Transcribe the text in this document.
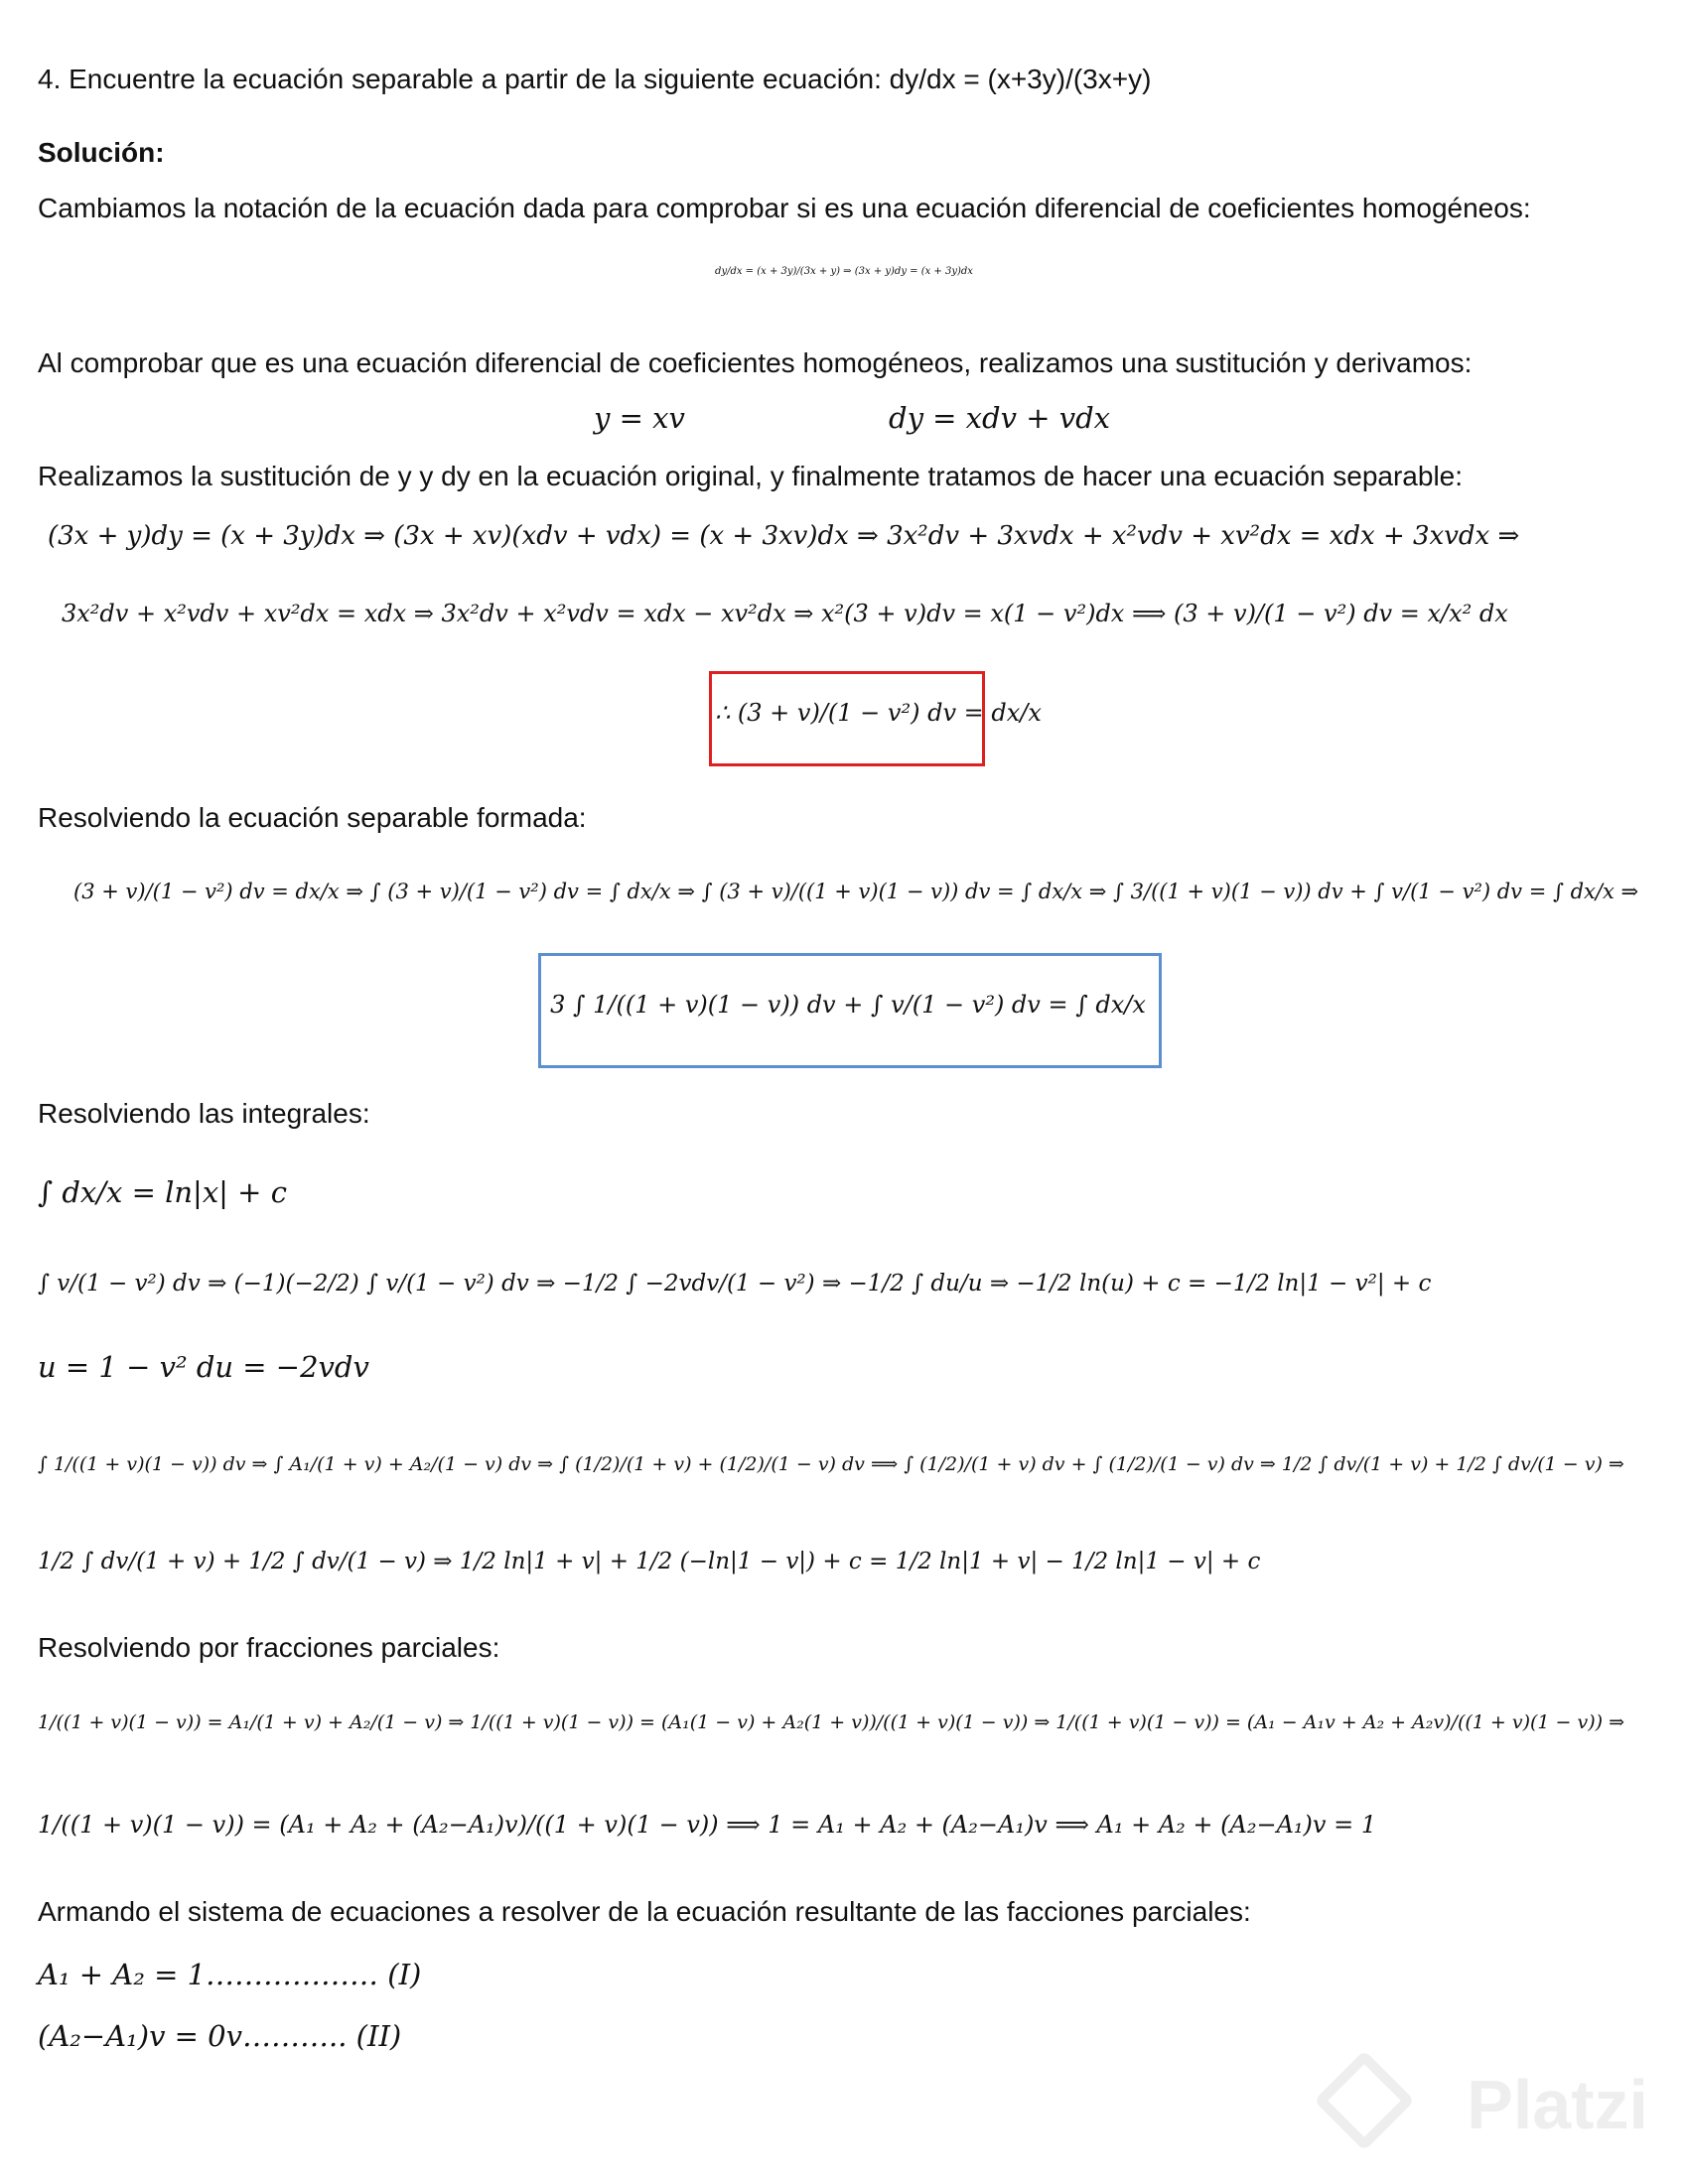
4. Encuentre la ecuación separable a partir de la siguiente ecuación: dy/dx = (x+3y)/(3x+y)
Solución:
Cambiamos la notación de la ecuación dada para comprobar si es una ecuación diferencial de coeficientes homogéneos:
dy/dx = (x + 3y)/(3x + y) ⇒ (3x + y)dy = (x + 3y)dx
Al comprobar que es una ecuación diferencial de coeficientes homogéneos, realizamos una sustitución y derivamos:
y = xv	dy = xdv + vdx
Realizamos la sustitución de y y dy en la ecuación original, y finalmente tratamos de hacer una ecuación separable:
(3x + y)dy = (x + 3y)dx ⇒ (3x + xv)(xdv + vdx) = (x + 3xv)dx ⇒ 3x²dv + 3xvdx + x²vdv + xv²dx = xdx + 3xvdx ⇒
3x²dv + x²vdv + xv²dx = xdx ⇒ 3x²dv + x²vdv = xdx − xv²dx ⇒ x²(3 + v)dv = x(1 − v²)dx ⟹ (3 + v)/(1 − v²) dv = x/x² dx
∴ (3 + v)/(1 − v²) dv = dx/x
Resolviendo la ecuación separable formada:
(3 + v)/(1 − v²) dv = dx/x ⇒ ∫ (3 + v)/(1 − v²) dv = ∫ dx/x ⇒ ∫ (3 + v)/((1 + v)(1 − v)) dv = ∫ dx/x ⇒ ∫ 3/((1 + v)(1 − v)) dv + ∫ v/(1 − v²) dv = ∫ dx/x ⇒
3 ∫ 1/((1 + v)(1 − v)) dv + ∫ v/(1 − v²) dv = ∫ dx/x
Resolviendo las integrales:
∫ dx/x = ln|x| + c
∫ v/(1 − v²) dv ⇒ (−1)(−2/2) ∫ v/(1 − v²) dv ⇒ −1/2 ∫ −2vdv/(1 − v²) ⇒ −1/2 ∫ du/u ⇒ −1/2 ln(u) + c = −1/2 ln|1 − v²| + c
u = 1 − v² du = −2vdv
∫ 1/((1 + v)(1 − v)) dv ⇒ ∫ A₁/(1 + v) + A₂/(1 − v) dv ⇒ ∫ (1/2)/(1 + v) + (1/2)/(1 − v) dv ⟹ ∫ (1/2)/(1 + v) dv + ∫ (1/2)/(1 − v) dv ⇒ 1/2 ∫ dv/(1 + v) + 1/2 ∫ dv/(1 − v) ⇒
1/2 ∫ dv/(1 + v) + 1/2 ∫ dv/(1 − v) ⇒ 1/2 ln|1 + v| + 1/2 (−ln|1 − v|) + c = 1/2 ln|1 + v| − 1/2 ln|1 − v| + c
Resolviendo por fracciones parciales:
1/((1 + v)(1 − v)) = A₁/(1 + v) + A₂/(1 − v) ⇒ 1/((1 + v)(1 − v)) = (A₁(1 − v) + A₂(1 + v))/((1 + v)(1 − v)) ⇒ 1/((1 + v)(1 − v)) = (A₁ − A₁v + A₂ + A₂v)/((1 + v)(1 − v)) ⇒
1/((1 + v)(1 − v)) = (A₁ + A₂ + (A₂−A₁)v)/((1 + v)(1 − v)) ⟹ 1 = A₁ + A₂ + (A₂−A₁)v ⟹ A₁ + A₂ + (A₂−A₁)v = 1
Armando el sistema de ecuaciones a resolver de la ecuación resultante de las facciones parciales:
A₁ + A₂ = 1……………… (I)
(A₂−A₁)v = 0v……….. (II)
Platzi
